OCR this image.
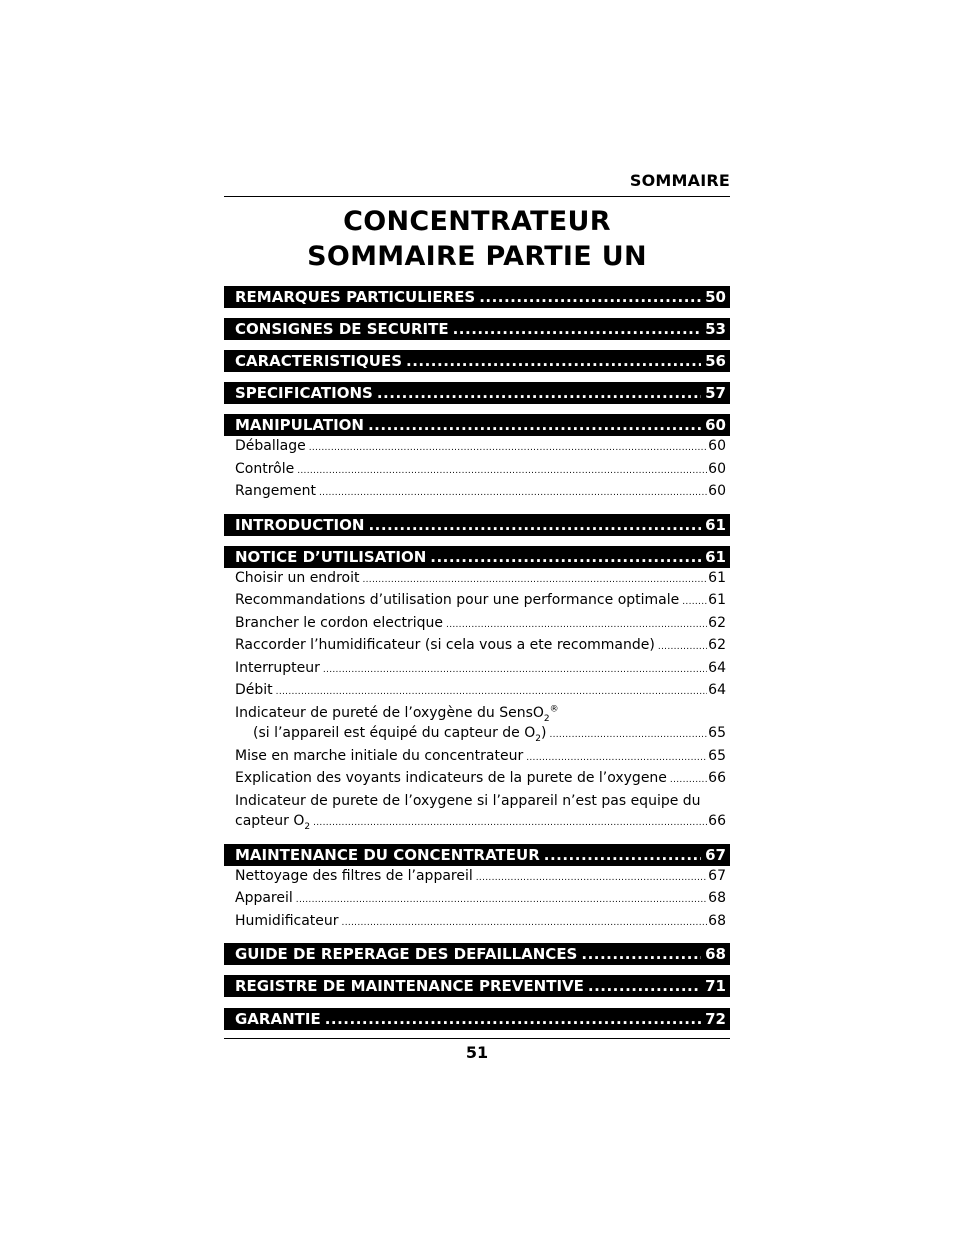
SOMMAIRE
CONCENTRATEUR
SOMMAIRE PARTIE UN
REMARQUES PARTICULIERES .....	50
CONSIGNES DE SECURITE .....	53
CARACTERISTIQUES .....	56
SPECIFICATIONS .....	57
MANIPULATION .....	60
Déballage .....	60
Contrôle .....	60
Rangement .....	60
INTRODUCTION .....	61
NOTICE D’UTILISATION .....	61
Choisir un endroit .....	61
Recommandations d’utilisation pour une performance optimale ..... 61
Brancher le cordon electrique .....	62
Raccorder l’humidificateur (si cela vous a ete recommande) .....	62
Interrupteur .....	64
Débit .....	64
Indicateur de pureté de l’oxygène du SensO$_2$®
(si l’appareil est équipé du capteur de $O_2$) .....	65
Mise en marche initiale du concentrateur .....	65
Explication des voyants indicateurs de la purete de l’oxygene .....	66
Indicateur de purete de l’oxygene si l’appareil n’est pas equipe du
capteur $O_2$ .....	66
MAINTENANCE DU CONCENTRATEUR .....	67
Nettoyage des filtres de l’appareil .....	67
Appareil .....	68
Humidificateur .....	68
GUIDE DE REPERAGE DES DEFAILLANCES .....	68
REGISTRE DE MAINTENANCE PREVENTIVE .....	71
GARANTIE .....	72
51
